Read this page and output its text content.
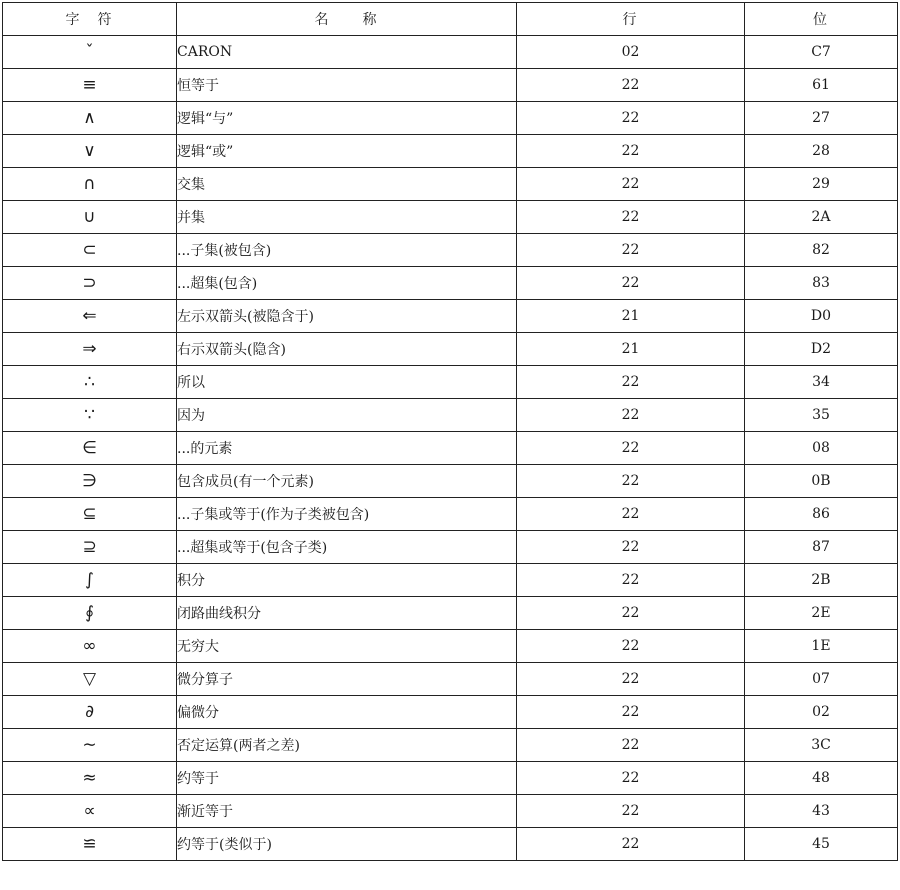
字　符	名　　称	行	位
ˇ	CARON	02	C7
≡	恒等于	22	61
∧	逻辑“与”	22	27
∨	逻辑“或”	22	28
∩	交集	22	29
∪	并集	22	2A
⊂	...子集(被包含)	22	82
⊃	...超集(包含)	22	83
⇐	左示双箭头(被隐含于)	21	D0
⇒	右示双箭头(隐含)	21	D2
∴	所以	22	34
∵	因为	22	35
∈	...的元素	22	08
∋	包含成员(有一个元素)	22	0B
⊆	...子集或等于(作为子类被包含)	22	86
⊇	...超集或等于(包含子类)	22	87
∫	积分	22	2B
∮	闭路曲线积分	22	2E
∞	无穷大	22	1E
▽	微分算子	22	07
∂	偏微分	22	02
∼	否定运算(两者之差)	22	3C
≈	约等于	22	48
∝	渐近等于	22	43
≌	约等于(类似于)	22	45
